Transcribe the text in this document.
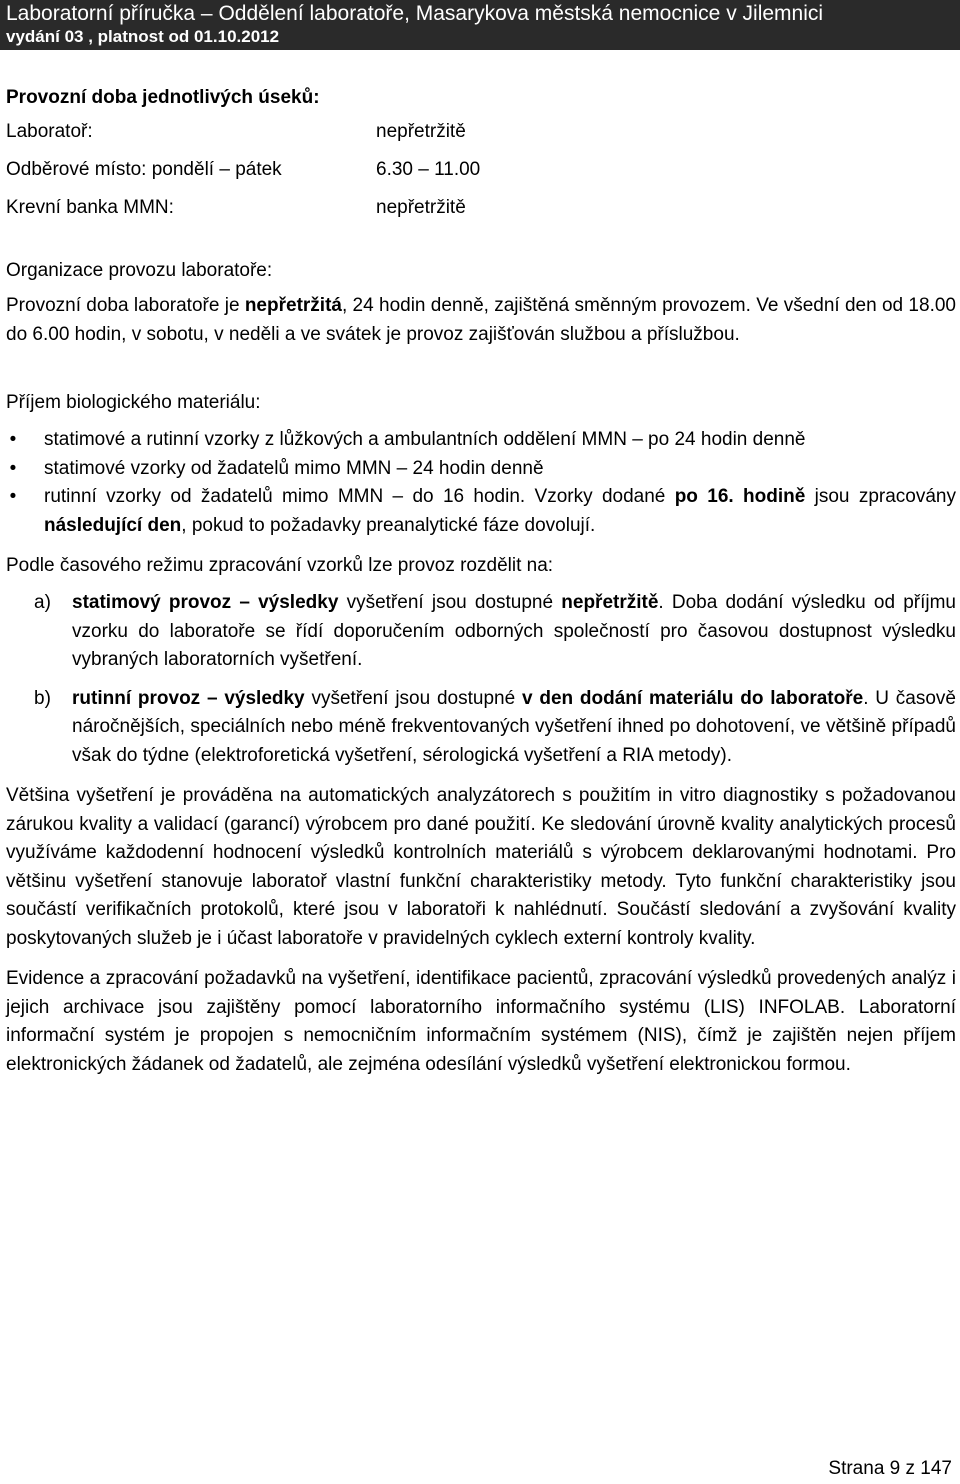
Laboratorní příručka – Oddělení laboratoře, Masarykova městská nemocnice v Jilemnici
vydání 03 , platnost od 01.10.2012
Provozní doba jednotlivých úseků:
Laboratoř:	nepřetržitě
Odběrové místo: pondělí – pátek	6.30 – 11.00
Krevní banka MMN:	nepřetržitě
Organizace provozu laboratoře:

Provozní doba laboratoře je nepřetržitá, 24 hodin denně, zajištěná směnným provozem. Ve všední den od 18.00 do 6.00 hodin, v sobotu, v neděli a ve svátek je provoz zajišťován službou a příslužbou.

Příjem biologického materiálu:
• statimové a rutinní vzorky z lůžkových a ambulantních oddělení MMN – po 24 hodin denně
• statimové vzorky od žadatelů mimo MMN – 24 hodin denně
• rutinní vzorky od žadatelů mimo MMN – do 16 hodin. Vzorky dodané po 16. hodině jsou zpracovány následující den, pokud to požadavky preanalytické fáze dovolují.
Podle časového režimu zpracování vzorků lze provoz rozdělit na:
a)	statimový provoz – výsledky vyšetření jsou dostupné nepřetržitě. Doba dodání výsledku od příjmu vzorku do laboratoře se řídí doporučením odborných společností pro časovou dostupnost výsledku vybraných laboratorních vyšetření.
b)	rutinní provoz – výsledky vyšetření jsou dostupné v den dodání materiálu do laboratoře. U časově náročnějších, speciálních nebo méně frekventovaných vyšetření ihned po dohotovení, ve většině případů však do týdne (elektroforetická vyšetření, sérologická vyšetření a RIA metody).

Většina vyšetření je prováděna na automatických analyzátorech s použitím in vitro diagnostiky s požadovanou zárukou kvality a validací (garancí) výrobcem pro dané použití. Ke sledování úrovně kvality analytických procesů využíváme každodenní hodnocení výsledků kontrolních materiálů s výrobcem deklarovanými hodnotami. Pro většinu vyšetření stanovuje laboratoř vlastní funkční charakteristiky metody. Tyto funkční charakteristiky jsou součástí verifikačních protokolů, které jsou v laboratoři k nahlédnutí. Součástí sledování a zvyšování kvality poskytovaných služeb je i účast laboratoře v pravidelných cyklech externí kontroly kvality.

Evidence a zpracování požadavků na vyšetření, identifikace pacientů, zpracování výsledků provedených analýz i jejich archivace jsou zajištěny pomocí laboratorního informačního systému (LIS) INFOLAB. Laboratorní informační systém je propojen s nemocničním informačním systémem (NIS), čímž je zajištěn nejen příjem elektronických žádanek od žadatelů, ale zejména odesílání výsledků vyšetření elektronickou formou.

Strana 9 z 147
